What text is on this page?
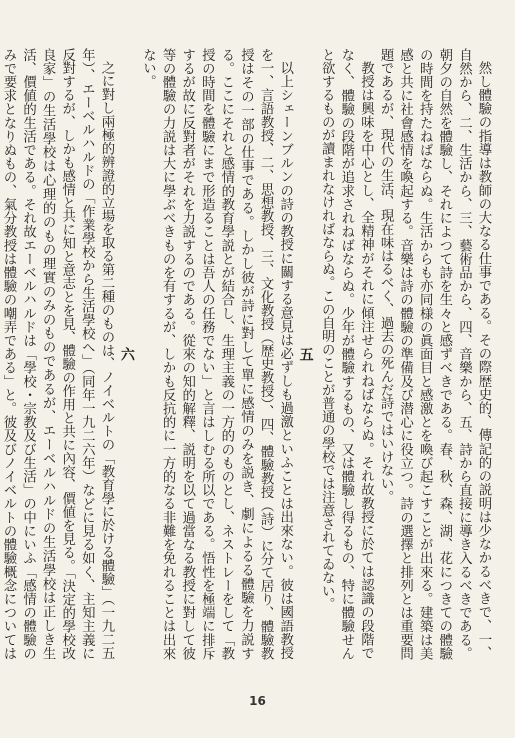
然し體驗の指導は教師の大なる仕事である。その際歴史的、傳記的の説明は少なかるべきで、一、自然から、二、生活から、三、藝術品から、四、音樂から、五、詩から直接に導き入るべきである。朝夕の自然を體驗し、それによつて詩を生々と感ずべきである。春、秋、森、湖、花につきての體驗の時間を持たねばならぬ。生活からも亦同様の眞面目と感激とを喚び起こすことが出來る。建築は美感と共に社會感情を喚起する。音樂は詩の體驗の準備及び潜心に役立つ。詩の選擇と排列とは重要問題であるが、現代の生活、現在味はるべく、過去の死んだ詩ではいけない。

教授は興味を中心とし、全精神がそれに傾注せられねばならぬ。それ故教授に於ては認識の段階でなく、體驗の段階が追求されねばならぬ。少年が體驗するもの、又は體驗し得るもの、特に體驗せんと欲するものが讀まれなければならぬ。この自明のことが普通の學校では注意されてゐない。

五

以上シェーンブルンの詩の教授に關する意見は必ずしも過激といふことは出來ない。彼は國語教授を一、言語教授、二、思想教授、三、文化教授（歴史教授）、四、體驗教授（詩）に分て居り、體驗教授はその一部の仕事である。しかし彼が詩に對して單に感情のみを説き、劇によるる體驗を力説する。ここにそれと感情的教育學説とが結合し、生理主義の一方的のものとし、ネストレーをして「教授の時間を體驗にまで形造ることは吾人の任務でない」と言はしむる所以である。悟性を極端に排斥するが故に反對者がそれを力説するのである。從來の知的解釋、説明を以て過當なる教授に對して彼等の體驗の力説は大に學ぶべきものを有するが、しかも反抗的に一方的なる非難を免れることは出來ない。

六

之に對し兩極的辨證的立場を取る第二種のものは、ノイベルトの「教育學に於ける體驗」（一九二五年）、エーベルハルドの「作業學校から生活學校へ」（同年一九二六年）などに見る如く、主知主義に反對するが、しかも感情と共に知と意志とを見、體驗の作用と共に內容、價値を見る。「決定的學校改良家」の生活學校は心理的のもの理實のみのものであるが、エーベルハルドの生活學校は正しき生活、價値的生活である。それ故エーベルハルドは「學校・宗教及び生活」の中にいふ「感情の體驗のみで要求となりぬもの、氣分教授は體驗の嘲弄である」と。彼及びノイベルトの體驗概念については

16
